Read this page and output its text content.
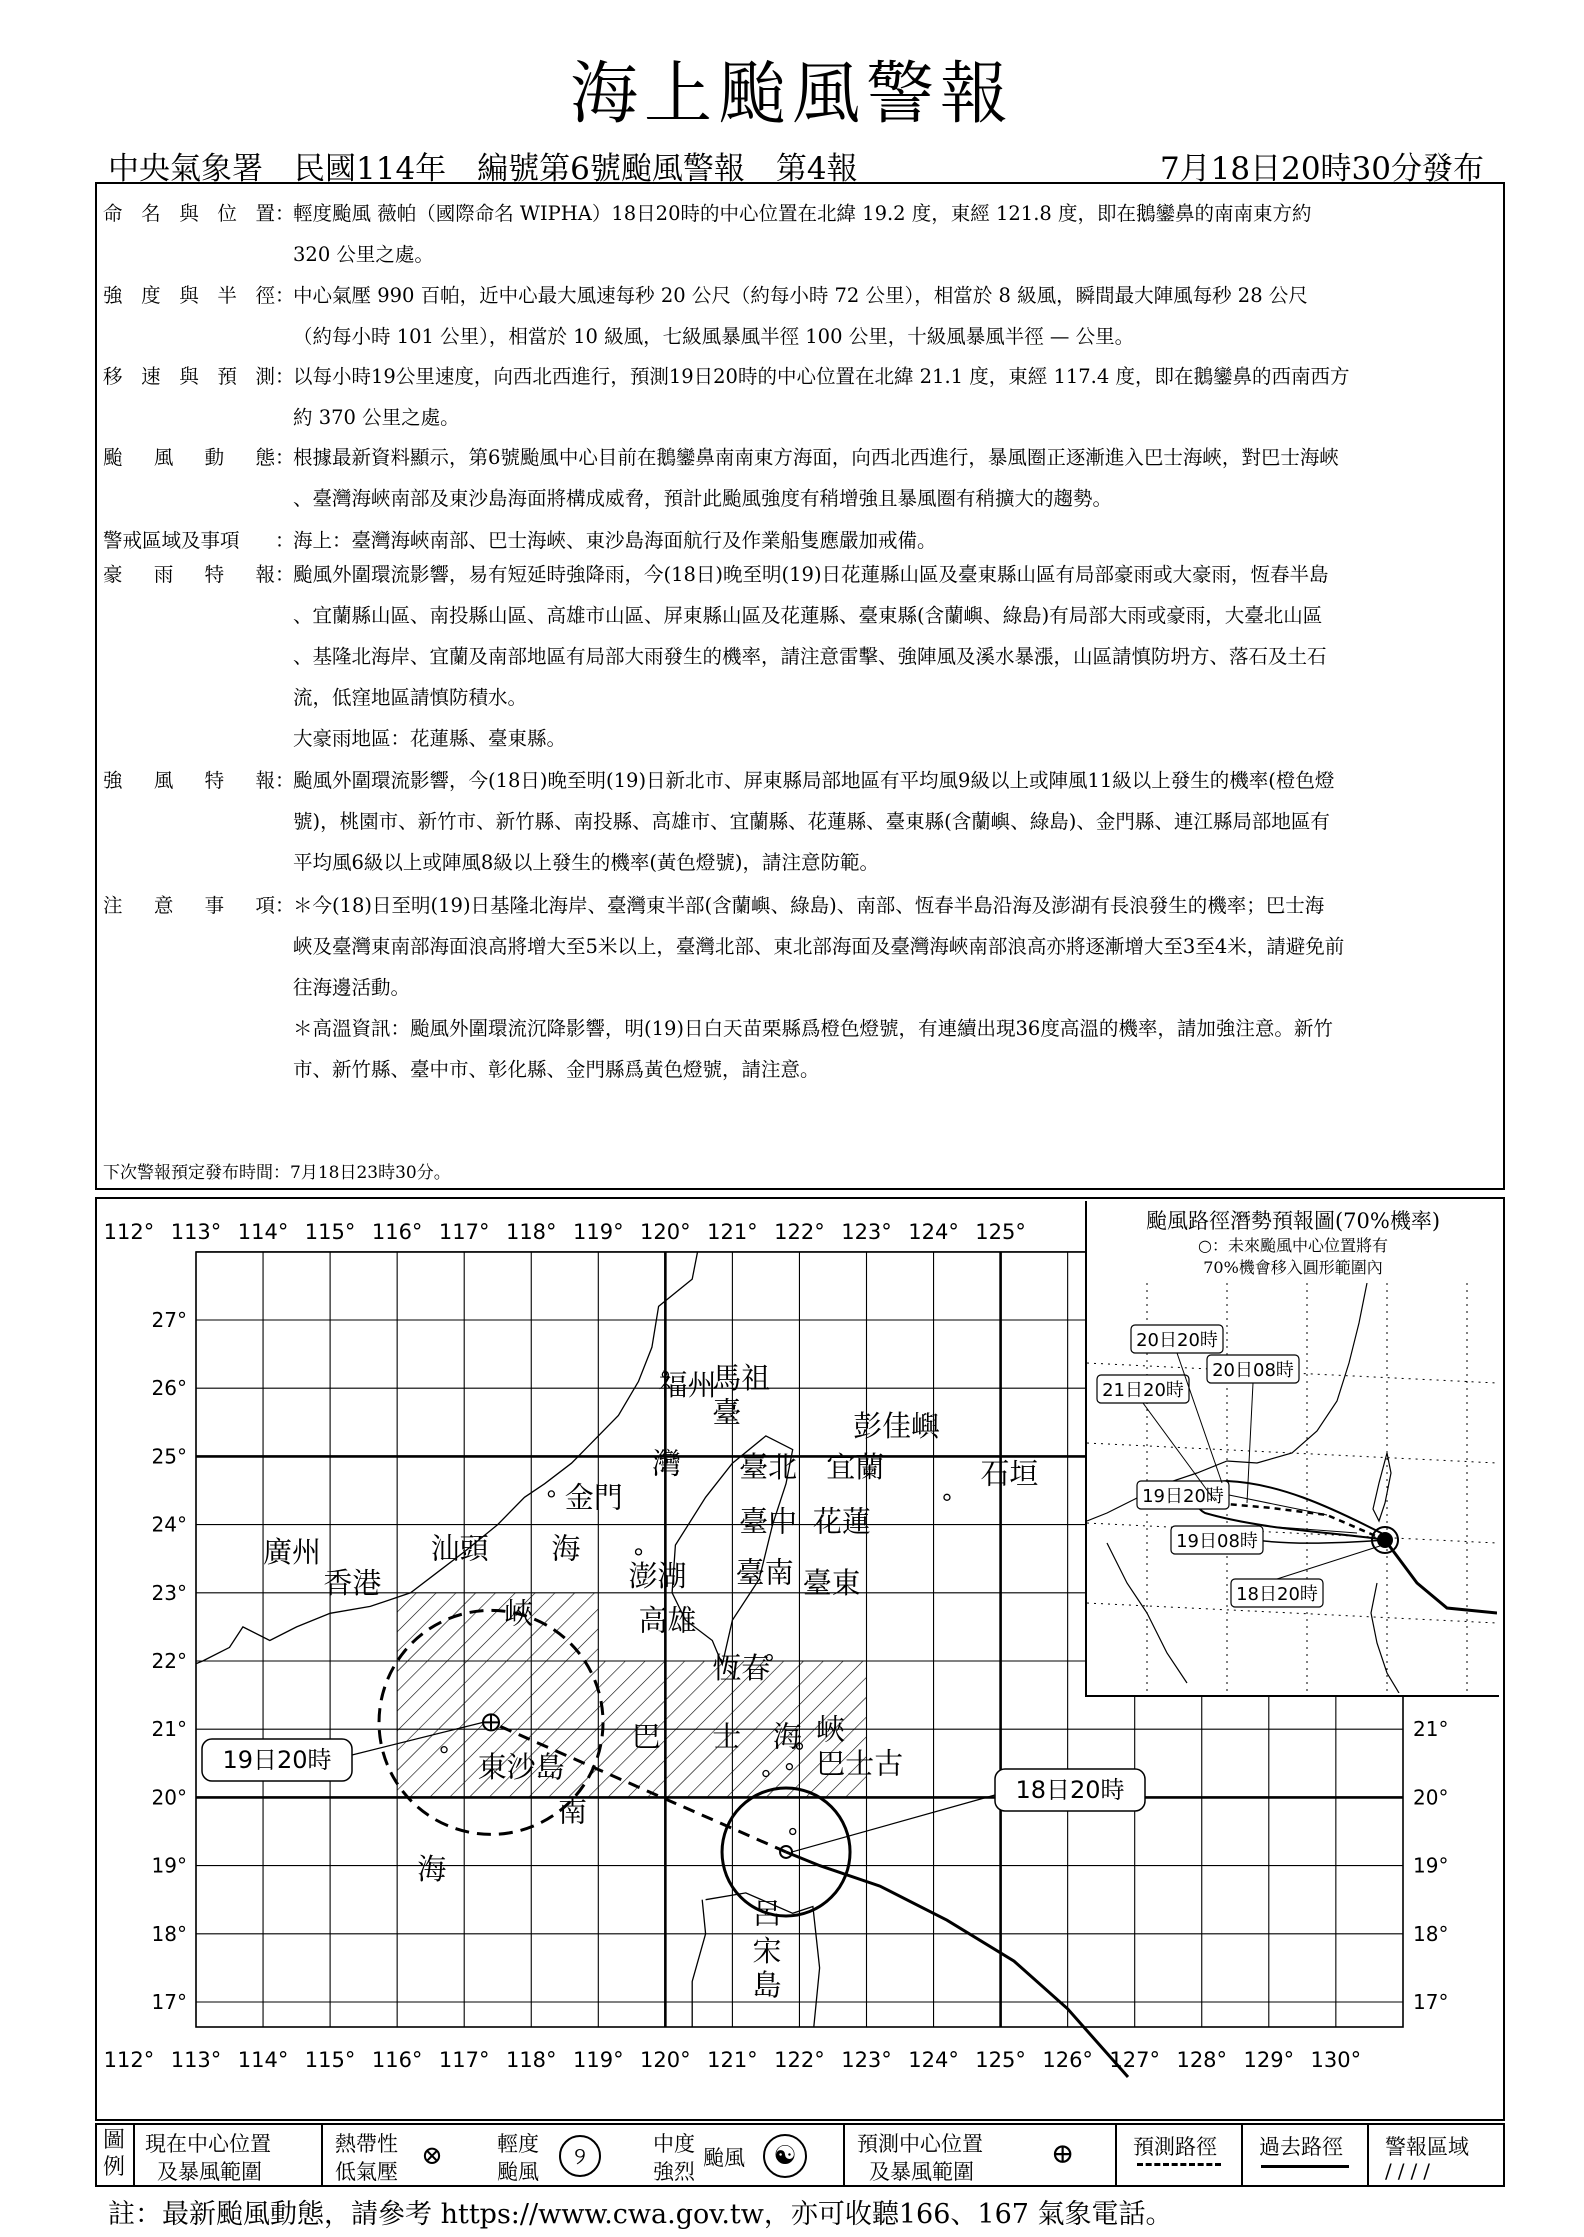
海上颱風警報
中央氣象署　民國114年　編號第6號颱風警報　第4報	7月18日20時30分發布
命名與位置 ：
輕度颱風 薇帕（國際命名 WIPHA）18日20時的中心位置在北緯 19.2 度，東經 121.8 度，即在鵝鑾鼻的南南東方約
320 公里之處。
強度與半徑 ：
中心氣壓 990 百帕，近中心最大風速每秒 20 公尺（約每小時 72 公里），相當於 8 級風，瞬間最大陣風每秒 28 公尺
（約每小時 101 公里），相當於 10 級風，七級風暴風半徑 100 公里，十級風暴風半徑 — 公里。
移速與預測 ：
以每小時19公里速度，向西北西進行，預測19日20時的中心位置在北緯 21.1 度，東經 117.4 度，即在鵝鑾鼻的西南西方
約 370 公里之處。
颱風動態 ：
根據最新資料顯示，第6號颱風中心目前在鵝鑾鼻南南東方海面，向西北西進行，暴風圈正逐漸進入巴士海峽，對巴士海峽
、臺灣海峽南部及東沙島海面將構成威脅，預計此颱風強度有稍增強且暴風圈有稍擴大的趨勢。
警戒區域及事項	：
海上：臺灣海峽南部、巴士海峽、東沙島海面航行及作業船隻應嚴加戒備。
豪雨特報 ：
颱風外圍環流影響，易有短延時強降雨，今(18日)晚至明(19)日花蓮縣山區及臺東縣山區有局部豪雨或大豪雨，恆春半島
、宜蘭縣山區、南投縣山區、高雄市山區、屏東縣山區及花蓮縣、臺東縣(含蘭嶼、綠島)有局部大雨或豪雨，大臺北山區
、基隆北海岸、宜蘭及南部地區有局部大雨發生的機率，請注意雷擊、強陣風及溪水暴漲，山區請慎防坍方、落石及土石
流，低窪地區請慎防積水。
大豪雨地區：花蓮縣、臺東縣。
強風特報 ：
颱風外圍環流影響，今(18日)晚至明(19)日新北市、屏東縣局部地區有平均風9級以上或陣風11級以上發生的機率(橙色燈
號)，桃園市、新竹市、新竹縣、南投縣、高雄市、宜蘭縣、花蓮縣、臺東縣(含蘭嶼、綠島)、金門縣、連江縣局部地區有
平均風6級以上或陣風8級以上發生的機率(黃色燈號)，請注意防範。
注意事項 ：
＊今(18)日至明(19)日基隆北海岸、臺灣東半部(含蘭嶼、綠島)、南部、恆春半島沿海及澎湖有長浪發生的機率；巴士海
峽及臺灣東南部海面浪高將增大至5米以上，臺灣北部、東北部海面及臺灣海峽南部浪高亦將逐漸增大至3至4米，請避免前
往海邊活動。
＊高溫資訊：颱風外圍環流沉降影響，明(19)日白天苗栗縣爲橙色燈號，有連續出現36度高溫的機率，請加強注意。新竹
市、新竹縣、臺中市、彰化縣、金門縣爲黃色燈號，請注意。
下次警報預定發布時間：7月18日23時30分。
福州
馬祖
臺	彭佳嶼
灣 臺北 宜蘭	石垣
金門
臺中 花蓮
海
澎湖 臺南 臺東
廣州
香港
汕頭
峽	高雄
恆春
東沙島
巴 士 海 峽
巴士古
南
海
呂
宋
島
112°
112°
113°
113°
114°
114°
115°
115°
116°
116°
117°
117°
118°
118°
119°
119°
120°
120°
121°
121°
122°
122°
123°
123°
124°
124°
125°
125° 126° 127° 128° 129° 130°
27°
26°
25°
24°
23°
22°
21°
20°
19°
18°
17°
21°
20°
19°
18°
17°
19日20時
18日20時
颱風路徑潛勢預報圖(70%機率)
○：未來颱風中心位置將有
70%機會移入圓形範圍內
20日20時
20日08時
21日20時
19日20時
19日08時
18日20時
圖例
現在中心位置
及暴風範圍
熱帶性
低氣壓
⊗	輕度
颱風
୨	中度
強烈
颱風	☯	預測中心位置
及暴風範圍
⊕	預測路徑 過去路徑 警報區域
////
註：最新颱風動態，請參考 https://www.cwa.gov.tw，亦可收聽166、167 氣象電話。
